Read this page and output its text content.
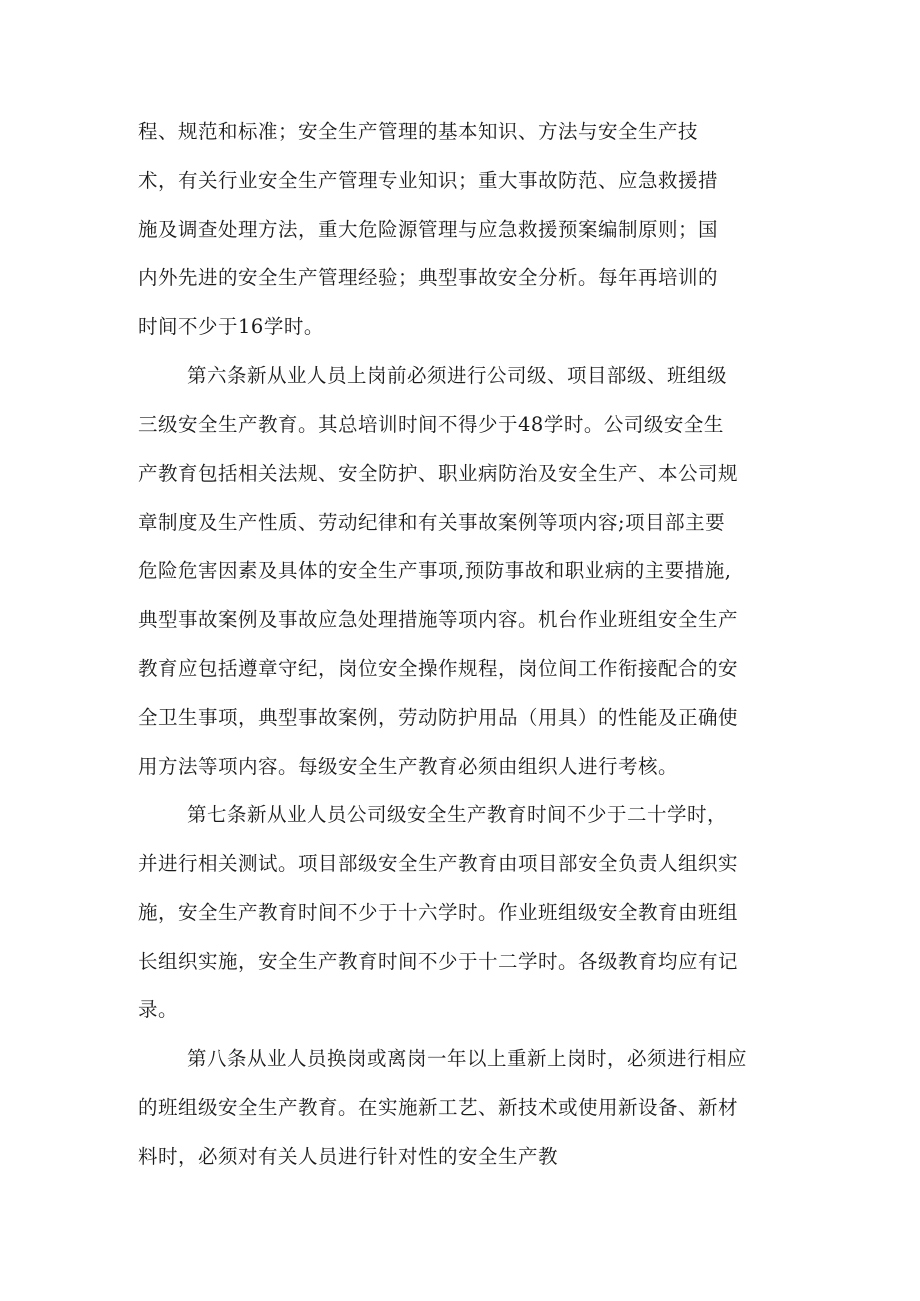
程、规范和标准；安全生产管理的基本知识、方法与安全生产技
术，有关行业安全生产管理专业知识；重大事故防范、应急救援措
施及调查处理方法，重大危险源管理与应急救援预案编制原则；国
内外先进的安全生产管理经验；典型事故安全分析。每年再培训的
时间不少于16学时。
第六条新从业人员上岗前必须进行公司级、项目部级、班组级
三级安全生产教育。其总培训时间不得少于48学时。公司级安全生
产教育包括相关法规、安全防护、职业病防治及安全生产、本公司规
章制度及生产性质、劳动纪律和有关事故案例等项内容;项目部主要
危险危害因素及具体的安全生产事项,预防事故和职业病的主要措施,
典型事故案例及事故应急处理措施等项内容。机台作业班组安全生产
教育应包括遵章守纪，岗位安全操作规程，岗位间工作衔接配合的安
全卫生事项，典型事故案例，劳动防护用品（用具）的性能及正确使
用方法等项内容。每级安全生产教育必须由组织人进行考核。
第七条新从业人员公司级安全生产教育时间不少于二十学时，
并进行相关测试。项目部级安全生产教育由项目部安全负责人组织实
施，安全生产教育时间不少于十六学时。作业班组级安全教育由班组
长组织实施，安全生产教育时间不少于十二学时。各级教育均应有记
录。
第八条从业人员换岗或离岗一年以上重新上岗时，必须进行相应
的班组级安全生产教育。在实施新工艺、新技术或使用新设备、新材
料时，必须对有关人员进行针对性的安全生产教
